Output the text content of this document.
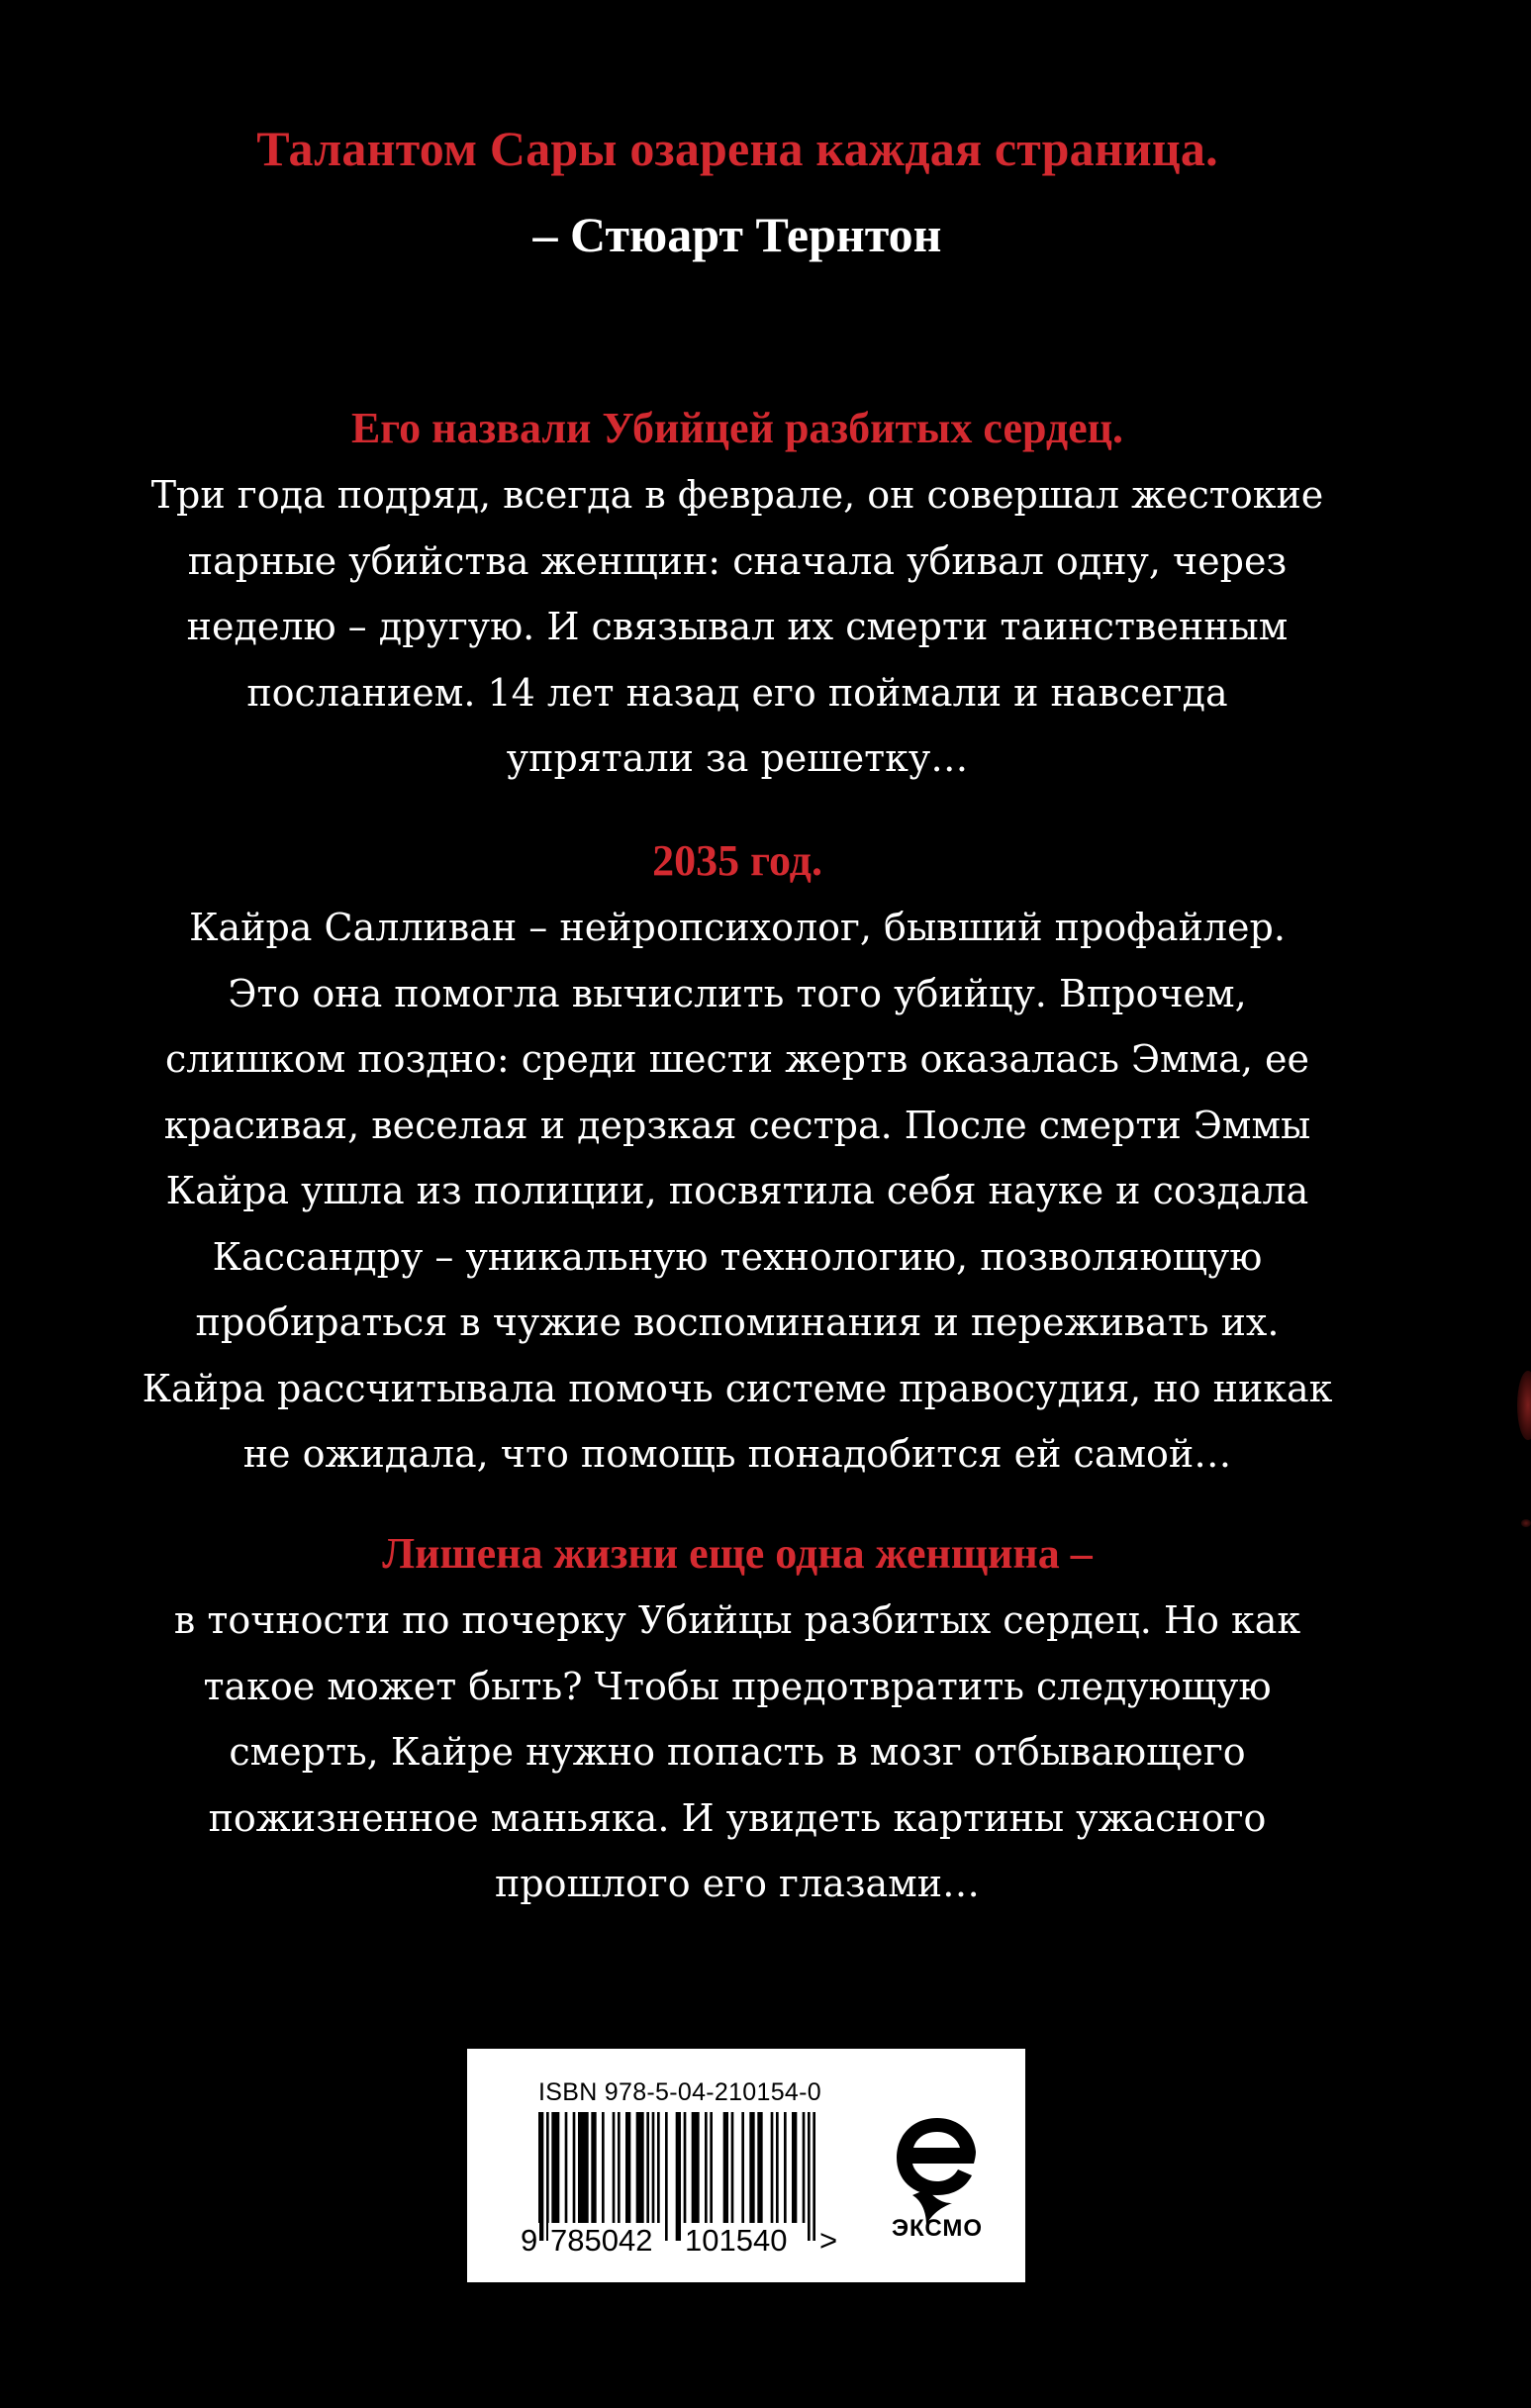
Талантом Сары озарена каждая страница.
– Стюарт Тернтон
Его назвали Убийцей разбитых сердец.
Три года подряд, всегда в феврале, он совершал жестокие
парные убийства женщин: сначала убивал одну, через
неделю – другую. И связывал их смерти таинственным
посланием. 14 лет назад его поймали и навсегда
упрятали за решетку…
2035 год.
Кайра Салливан – нейропсихолог, бывший профайлер.
Это она помогла вычислить того убийцу. Впрочем,
слишком поздно: среди шести жертв оказалась Эмма, ее
красивая, веселая и дерзкая сестра. После смерти Эммы
Кайра ушла из полиции, посвятила себя науке и создала
Кассандру – уникальную технологию, позволяющую
пробираться в чужие воспоминания и переживать их.
Кайра рассчитывала помочь системе правосудия, но никак
не ожидала, что помощь понадобится ей самой…
Лишена жизни еще одна женщина –
в точности по почерку Убийцы разбитых сердец. Но как
такое может быть? Чтобы предотвратить следующую
смерть, Кайре нужно попасть в мозг отбывающего
пожизненное маньяка. И увидеть картины ужасного
прошлого его глазами…
ISBN 978-5-04-210154-0
9 785042 101540 >	ЭКСМО
